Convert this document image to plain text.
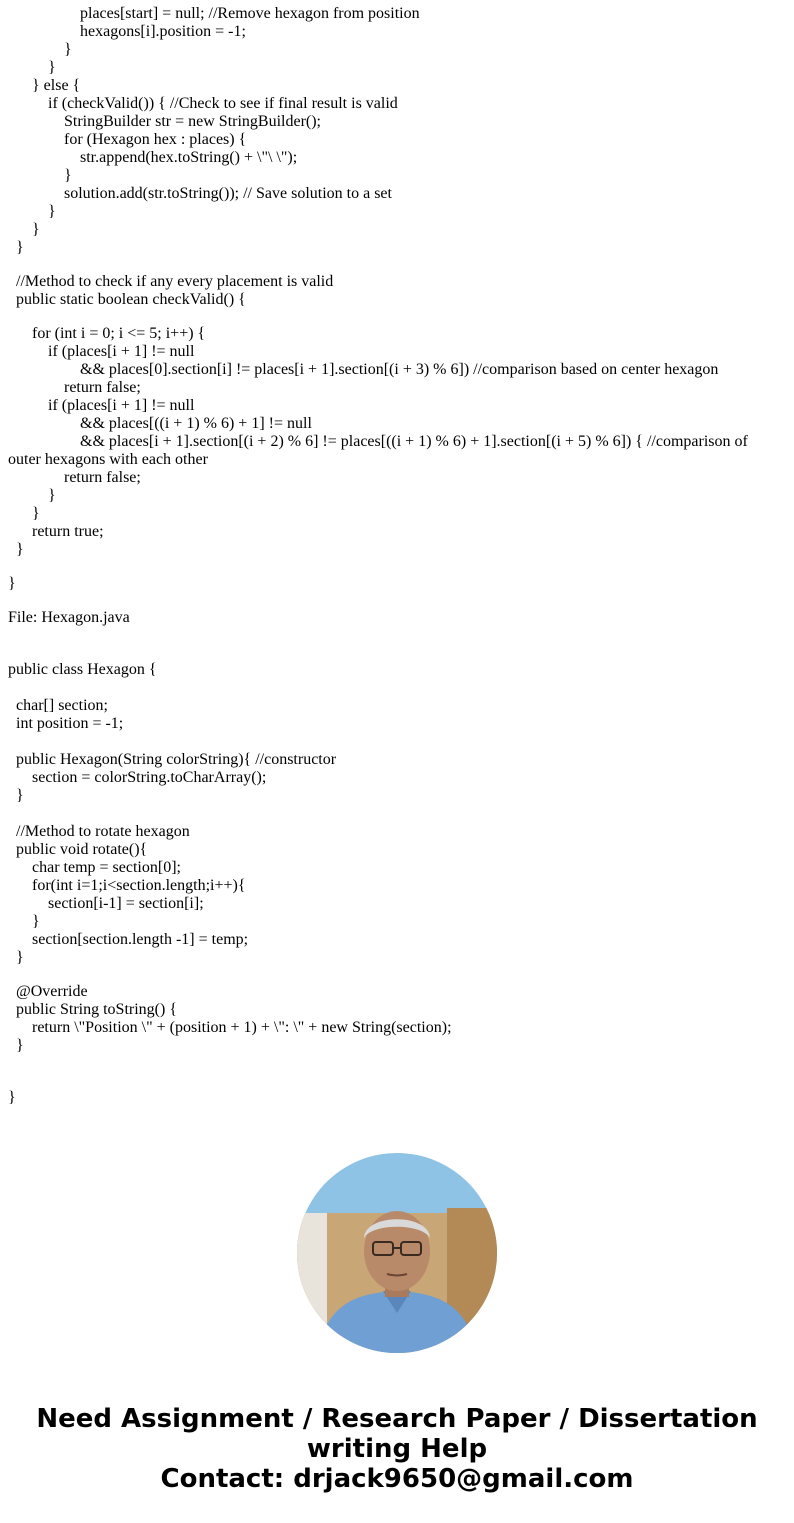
places[start] = null; //Remove hexagon from position
hexagons[i].position = -1;
}
}
} else {
if (checkValid()) { //Check to see if final result is valid
StringBuilder str = new StringBuilder();
for (Hexagon hex : places) {
str.append(hex.toString() + \"\ \");
}
solution.add(str.toString()); // Save solution to a set
}
}
}
//Method to check if any every placement is valid
public static boolean checkValid() {
for (int i = 0; i <= 5; i++) {
if (places[i + 1] != null
&& places[0].section[i] != places[i + 1].section[(i + 3) % 6]) //comparison based on center hexagon
return false;
if (places[i + 1] != null
&& places[((i + 1) % 6) + 1] != null
&& places[i + 1].section[(i + 2) % 6] != places[((i + 1) % 6) + 1].section[(i + 5) % 6]) { //comparison of
outer hexagons with each other
return false;
}
}
return true;
}
}
File: Hexagon.java
public class Hexagon {
char[] section;
int position = -1;
public Hexagon(String colorString){ //constructor
section = colorString.toCharArray();
}
//Method to rotate hexagon
public void rotate(){
char temp = section[0];
for(int i=1;i<section.length;i++){
section[i-1] = section[i];
}
section[section.length -1] = temp;
}
@Override
public String toString() {
return \"Position \" + (position + 1) + \": \" + new String(section);
}
}
Need Assignment / Research Paper / Dissertation
writing Help
Contact: drjack9650@gmail.com
